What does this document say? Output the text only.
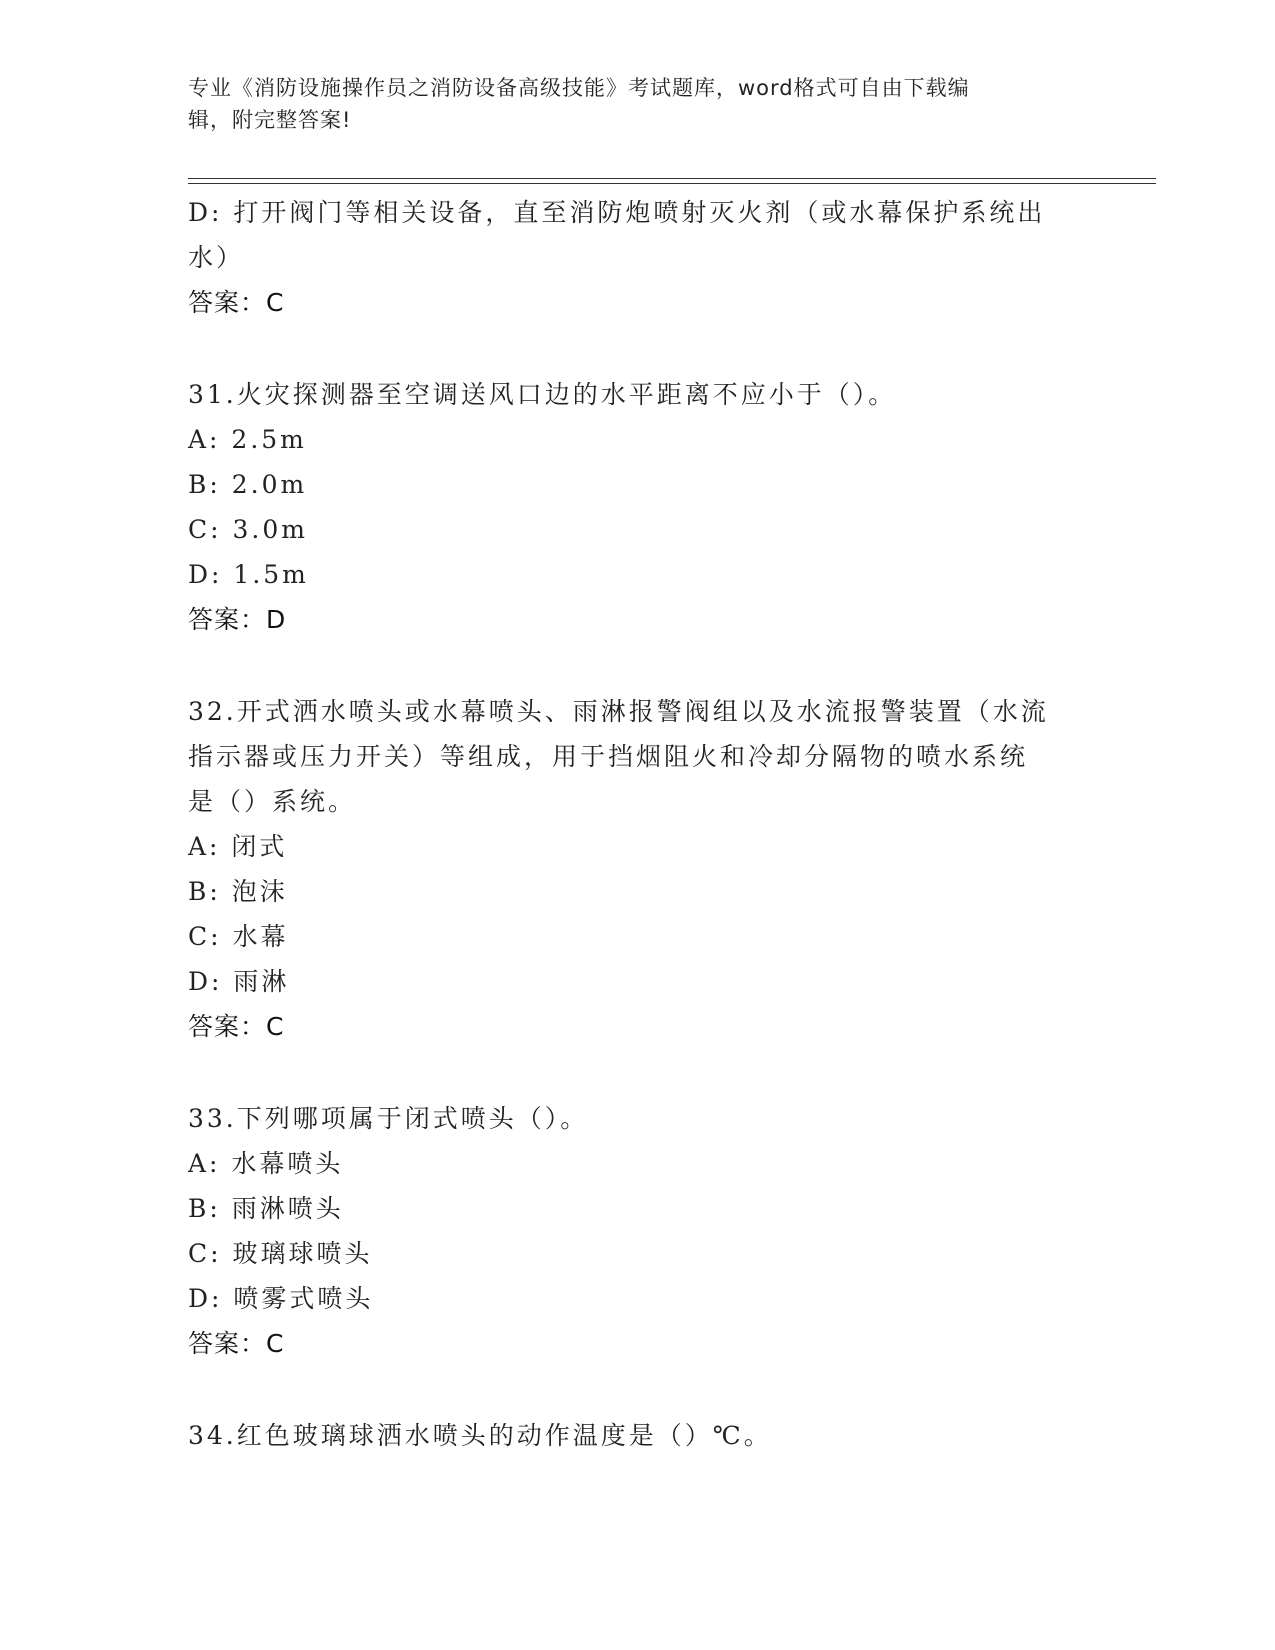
专业《消防设施操作员之消防设备高级技能》考试题库，word格式可自由下载编
辑，附完整答案!
D: 打开阀门等相关设备，直至消防炮喷射灭火剂（或水幕保护系统出
水）
答案：C
31.火灾探测器至空调送风口边的水平距离不应小于（）。
A: 2.5m
B: 2.0m
C: 3.0m
D: 1.5m
答案：D
32.开式洒水喷头或水幕喷头、雨淋报警阀组以及水流报警装置（水流
指示器或压力开关）等组成，用于挡烟阻火和冷却分隔物的喷水系统
是（）系统。
A: 闭式
B: 泡沫
C: 水幕
D: 雨淋
答案：C
33.下列哪项属于闭式喷头（）。
A: 水幕喷头
B: 雨淋喷头
C: 玻璃球喷头
D: 喷雾式喷头
答案：C
34.红色玻璃球洒水喷头的动作温度是（）℃。
